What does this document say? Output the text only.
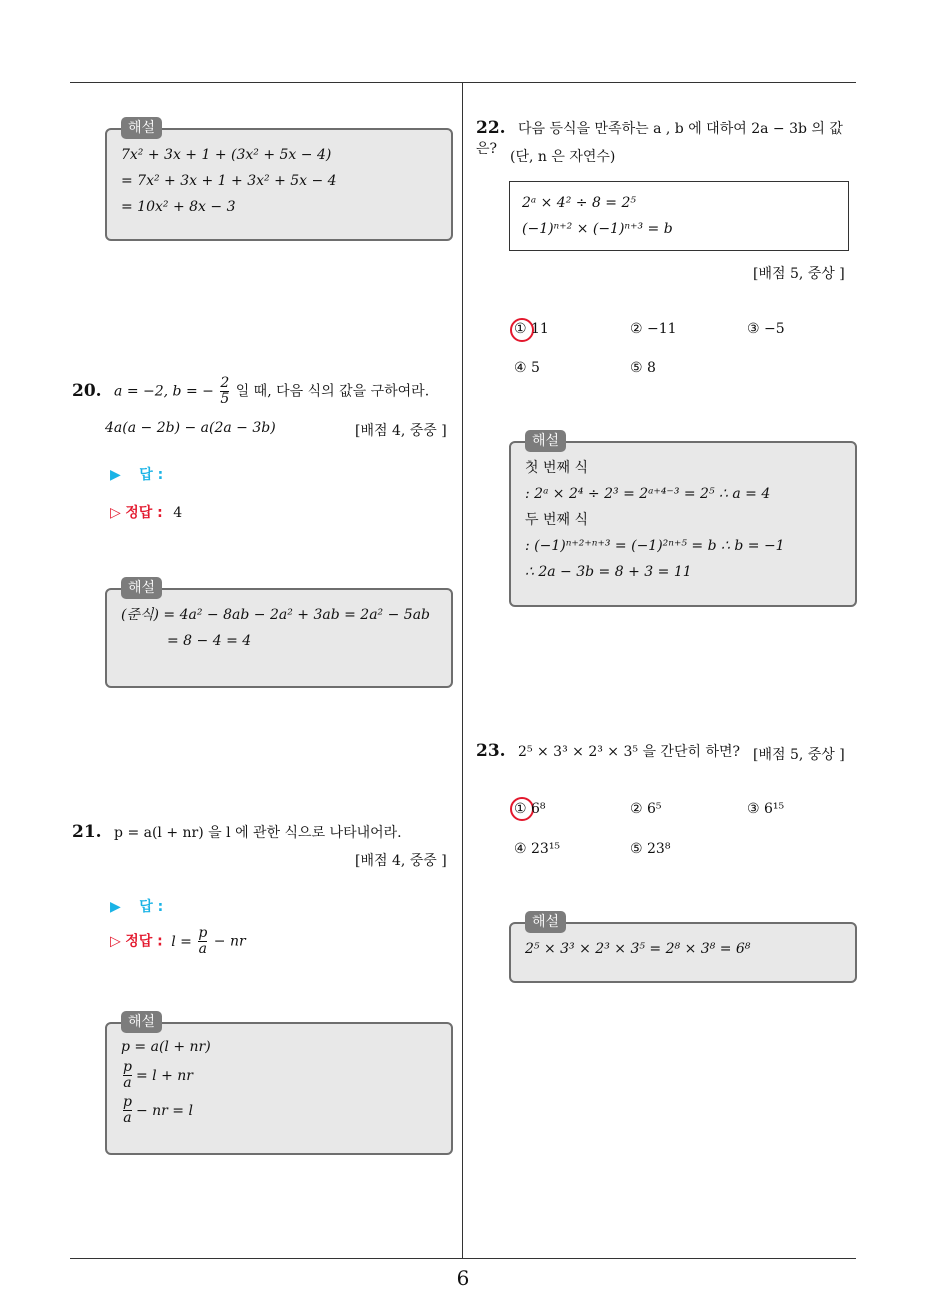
6
해설
7x² + 3x + 1 + (3x² + 5x − 4)
= 7x² + 3x + 1 + 3x² + 5x − 4
= 10x² + 8x − 3
20. a = −2, b = − $\frac{2}{5}$ 일 때, 다음 식의 값을 구하여라.
4a(a − 2b) − a(2a − 3b)	[배점 4, 중중 ]
▶ 답 :
▷ 정답 : 4
해설
(준식) = 4a² − 8ab − 2a² + 3ab = 2a² − 5ab
= 8 − 4 = 4
21. p = a(l + nr) 을 l 에 관한 식으로 나타내어라.
[배점 4, 중중 ]
▶ 답 :
▷ 정답 : $l = \frac{p}{a}$ − nr
해설
p = a(l + nr)
$\frac{p}{a} = l$ + nr
$\frac{p}{a}$ − nr = l
22. 다음 등식을 만족하는 a , b 에 대하여 2a − 3b 의 값은? (단, n 은 자연수)
2ᵃ × 4² ÷ 8 = 2⁵
(−1)ⁿ⁺² × (−1)ⁿ⁺³ = b
[배점 5, 중상 ]
① 11	② −11	③ −5
④ 5	⑤ 8
해설
첫 번째 식
: 2ᵃ × 2⁴ ÷ 2³ = 2ᵃ⁺⁴⁻³ = 2⁵ ∴ a = 4
두 번째 식
: (−1)ⁿ⁺²⁺ⁿ⁺³ = (−1)²ⁿ⁺⁵ = b ∴ b = −1
∴ 2a − 3b = 8 + 3 = 11
23. 2⁵ × 3³ × 2³ × 3⁵ 을 간단히 하면? [배점 5, 중상 ]
① 6⁸	② 6⁵	③ 6¹⁵
④ 23¹⁵	⑤ 23⁸
해설
2⁵ × 3³ × 2³ × 3⁵ = 2⁸ × 3⁸ = 6⁸
